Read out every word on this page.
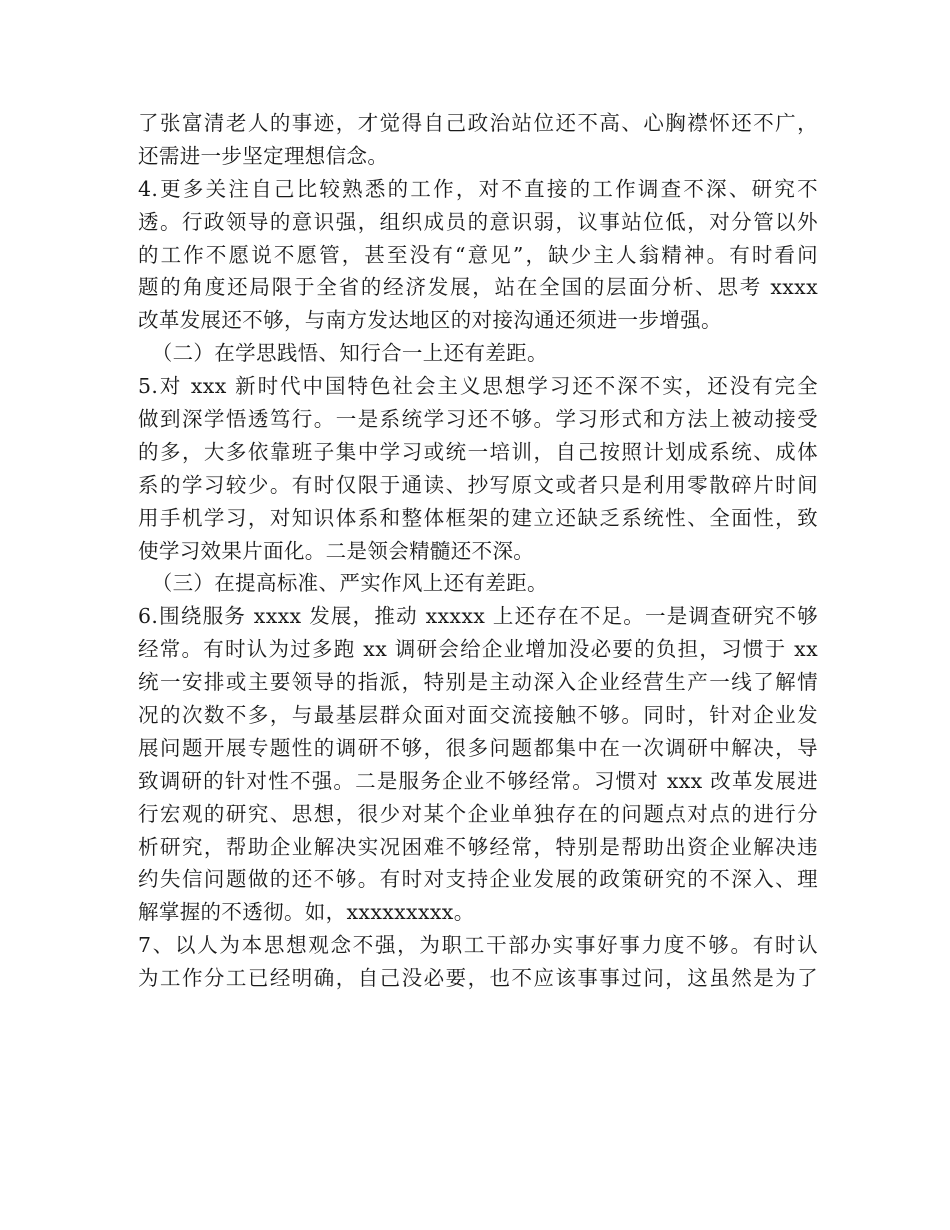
了张富清老人的事迹，才觉得自己政治站位还不高、心胸襟怀还不广，
还需进一步坚定理想信念。
4.更多关注自己比较熟悉的工作，对不直接的工作调查不深、研究不
透。行政领导的意识强，组织成员的意识弱，议事站位低，对分管以外
的工作不愿说不愿管，甚至没有“意见”，缺少主人翁精神。有时看问
题的角度还局限于全省的经济发展，站在全国的层面分析、思考 xxxx
改革发展还不够，与南方发达地区的对接沟通还须进一步增强。
（二）在学思践悟、知行合一上还有差距。
5.对 xxx 新时代中国特色社会主义思想学习还不深不实，还没有完全
做到深学悟透笃行。一是系统学习还不够。学习形式和方法上被动接受
的多，大多依靠班子集中学习或统一培训，自己按照计划成系统、成体
系的学习较少。有时仅限于通读、抄写原文或者只是利用零散碎片时间
用手机学习，对知识体系和整体框架的建立还缺乏系统性、全面性，致
使学习效果片面化。二是领会精髓还不深。
（三）在提高标准、严实作风上还有差距。
6.围绕服务 xxxx 发展，推动 xxxxx 上还存在不足。一是调查研究不够
经常。有时认为过多跑 xx 调研会给企业增加没必要的负担，习惯于 xx
统一安排或主要领导的指派，特别是主动深入企业经营生产一线了解情
况的次数不多，与最基层群众面对面交流接触不够。同时，针对企业发
展问题开展专题性的调研不够，很多问题都集中在一次调研中解决，导
致调研的针对性不强。二是服务企业不够经常。习惯对 xxx 改革发展进
行宏观的研究、思想，很少对某个企业单独存在的问题点对点的进行分
析研究，帮助企业解决实况困难不够经常，特别是帮助出资企业解决违
约失信问题做的还不够。有时对支持企业发展的政策研究的不深入、理
解掌握的不透彻。如，xxxxxxxxx。
7、以人为本思想观念不强，为职工干部办实事好事力度不够。有时认
为工作分工已经明确，自己没必要，也不应该事事过问，这虽然是为了
